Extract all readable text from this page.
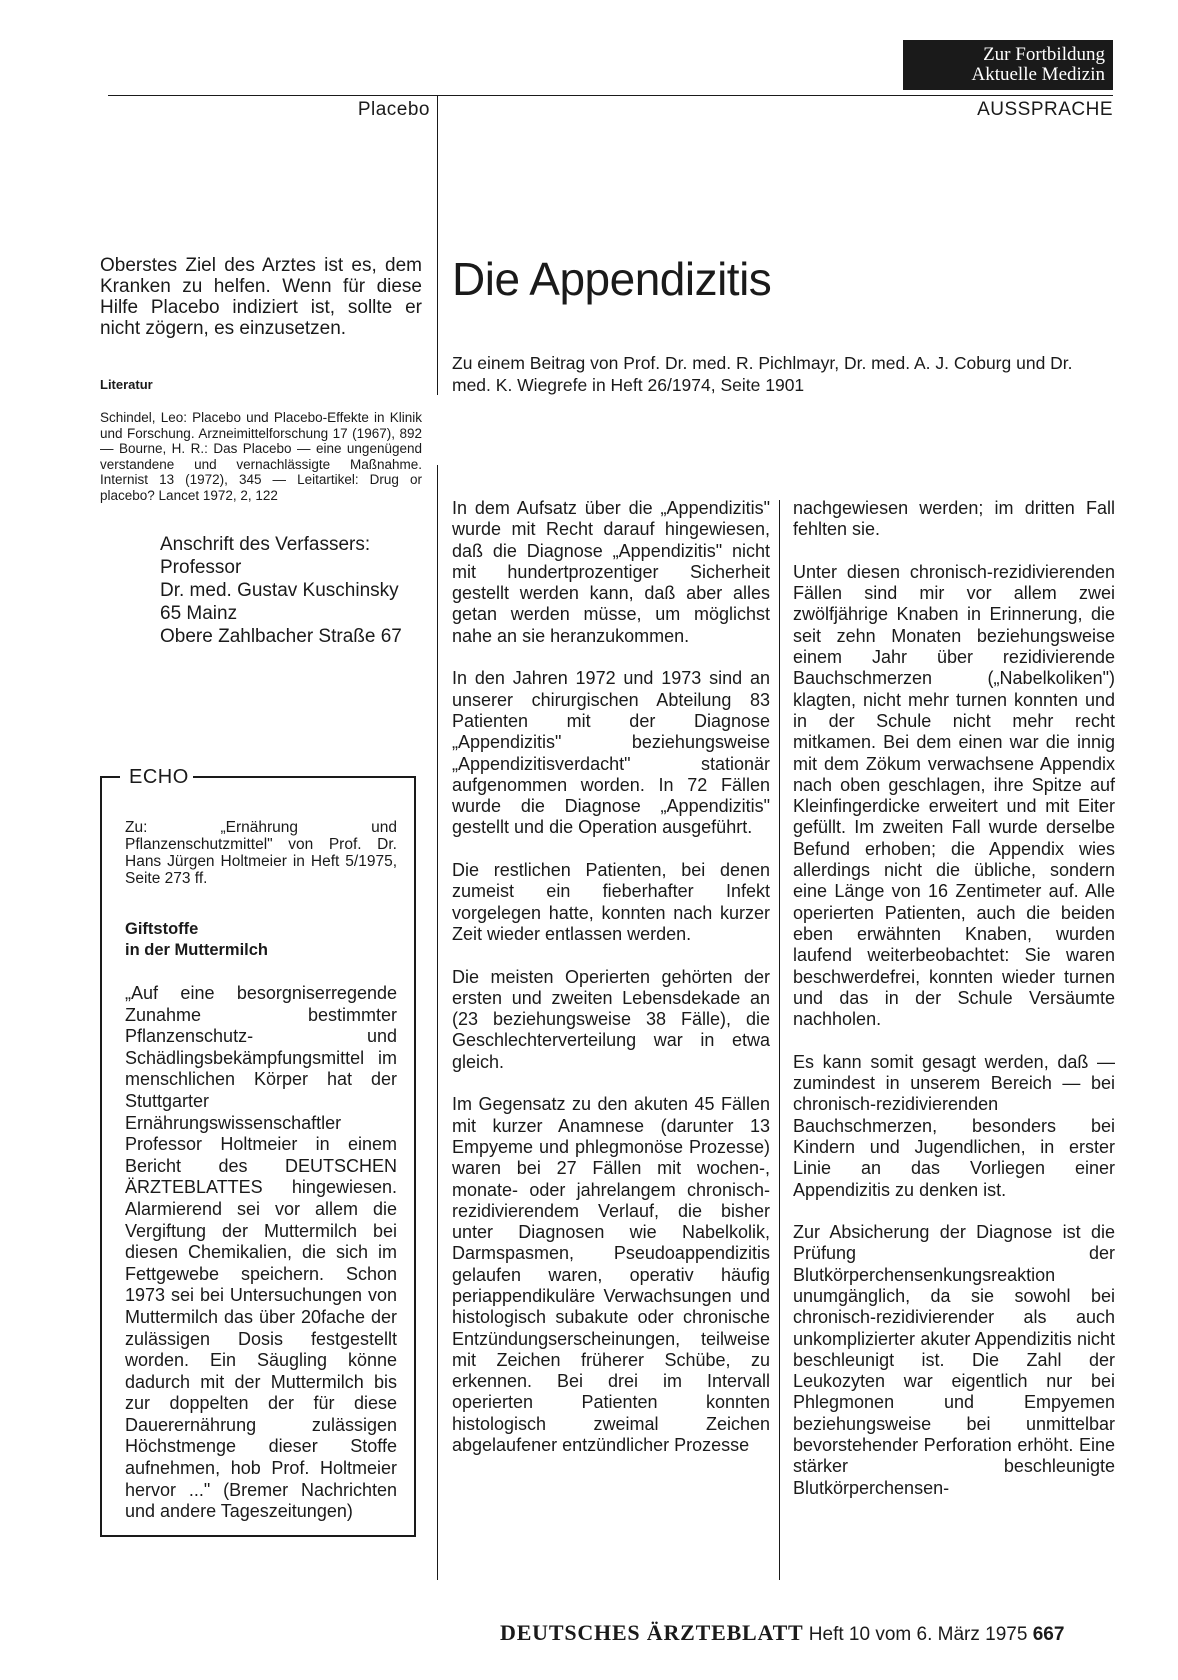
Zur Fortbildung
Aktuelle Medizin
Placebo	AUSSPRACHE

Oberstes Ziel des Arztes ist es, dem Kranken zu helfen. Wenn für diese Hilfe Placebo indiziert ist, sollte er nicht zögern, es einzusetzen.

Literatur

Schindel, Leo: Placebo und Placebo-Effekte in Klinik und Forschung. Arzneimittelforschung 17 (1967), 892 — Bourne, H. R.: Das Placebo — eine ungenügend verstandene und vernachlässigte Maßnahme. Internist 13 (1972), 345 — Leitartikel: Drug or placebo? Lancet 1972, 2, 122

Anschrift des Verfassers:
Professor
Dr. med. Gustav Kuschinsky
65 Mainz
Obere Zahlbacher Straße 67

ECHO

Zu: „Ernährung und Pflanzenschutzmittel" von Prof. Dr. Hans Jürgen Holtmeier in Heft 5/1975, Seite 273 ff.

Giftstoffe
in der Muttermilch

„Auf eine besorgniserregende Zunahme bestimmter Pflanzenschutz- und Schädlingsbekämpfungsmittel im menschlichen Körper hat der Stuttgarter Ernährungswissenschaftler Professor Holtmeier in einem Bericht des DEUTSCHEN ÄRZTEBLATTES hingewiesen. Alarmierend sei vor allem die Vergiftung der Muttermilch bei diesen Chemikalien, die sich im Fettgewebe speichern. Schon 1973 sei bei Untersuchungen von Muttermilch das über 20fache der zulässigen Dosis festgestellt worden. Ein Säugling könne dadurch mit der Muttermilch bis zur doppelten der für diese Dauerernährung zulässigen Höchstmenge dieser Stoffe aufnehmen, hob Prof. Holtmeier hervor ..." (Bremer Nachrichten und andere Tageszeitungen)

Die Appendizitis

Zu einem Beitrag von Prof. Dr. med. R. Pichlmayr, Dr. med. A. J. Coburg und Dr. med. K. Wiegrefe in Heft 26/1974, Seite 1901

In dem Aufsatz über die „Appendizitis" wurde mit Recht darauf hingewiesen, daß die Diagnose „Appendizitis" nicht mit hundertprozentiger Sicherheit gestellt werden kann, daß aber alles getan werden müsse, um möglichst nahe an sie heranzukommen.

In den Jahren 1972 und 1973 sind an unserer chirurgischen Abteilung 83 Patienten mit der Diagnose „Appendizitis" beziehungsweise „Appendizitisverdacht" stationär aufgenommen worden. In 72 Fällen wurde die Diagnose „Appendizitis" gestellt und die Operation ausgeführt.

Die restlichen Patienten, bei denen zumeist ein fieberhafter Infekt vorgelegen hatte, konnten nach kurzer Zeit wieder entlassen werden.

Die meisten Operierten gehörten der ersten und zweiten Lebensdekade an (23 beziehungsweise 38 Fälle), die Geschlechterverteilung war in etwa gleich.

Im Gegensatz zu den akuten 45 Fällen mit kurzer Anamnese (darunter 13 Empyeme und phlegmonöse Prozesse) waren bei 27 Fällen mit wochen-, monate- oder jahrelangem chronisch-rezidivierendem Verlauf, die bisher unter Diagnosen wie Nabelkolik, Darmspasmen, Pseudoappendizitis gelaufen waren, operativ häufig periappendikuläre Verwachsungen und histologisch subakute oder chronische Entzündungserscheinungen, teilweise mit Zeichen früherer Schübe, zu erkennen. Bei drei im Intervall operierten Patienten konnten histologisch zweimal Zeichen abgelaufener entzündlicher Prozesse

nachgewiesen werden; im dritten Fall fehlten sie.

Unter diesen chronisch-rezidivierenden Fällen sind mir vor allem zwei zwölfjährige Knaben in Erinnerung, die seit zehn Monaten beziehungsweise einem Jahr über rezidivierende Bauchschmerzen („Nabelkoliken") klagten, nicht mehr turnen konnten und in der Schule nicht mehr recht mitkamen. Bei dem einen war die innig mit dem Zökum verwachsene Appendix nach oben geschlagen, ihre Spitze auf Kleinfingerdicke erweitert und mit Eiter gefüllt. Im zweiten Fall wurde derselbe Befund erhoben; die Appendix wies allerdings nicht die übliche, sondern eine Länge von 16 Zentimeter auf. Alle operierten Patienten, auch die beiden eben erwähnten Knaben, wurden laufend weiterbeobachtet: Sie waren beschwerdefrei, konnten wieder turnen und das in der Schule Versäumte nachholen.

Es kann somit gesagt werden, daß — zumindest in unserem Bereich — bei chronisch-rezidivierenden Bauchschmerzen, besonders bei Kindern und Jugendlichen, in erster Linie an das Vorliegen einer Appendizitis zu denken ist.

Zur Absicherung der Diagnose ist die Prüfung der Blutkörperchensenkungsreaktion unumgänglich, da sie sowohl bei chronisch-rezidivierender als auch unkomplizierter akuter Appendizitis nicht beschleunigt ist. Die Zahl der Leukozyten war eigentlich nur bei Phlegmonen und Empyemen beziehungsweise bei unmittelbar bevorstehender Perforation erhöht. Eine stärker beschleunigte Blutkörperchensen-

DEUTSCHES ÄRZTEBLATT Heft 10 vom 6. März 1975 667
